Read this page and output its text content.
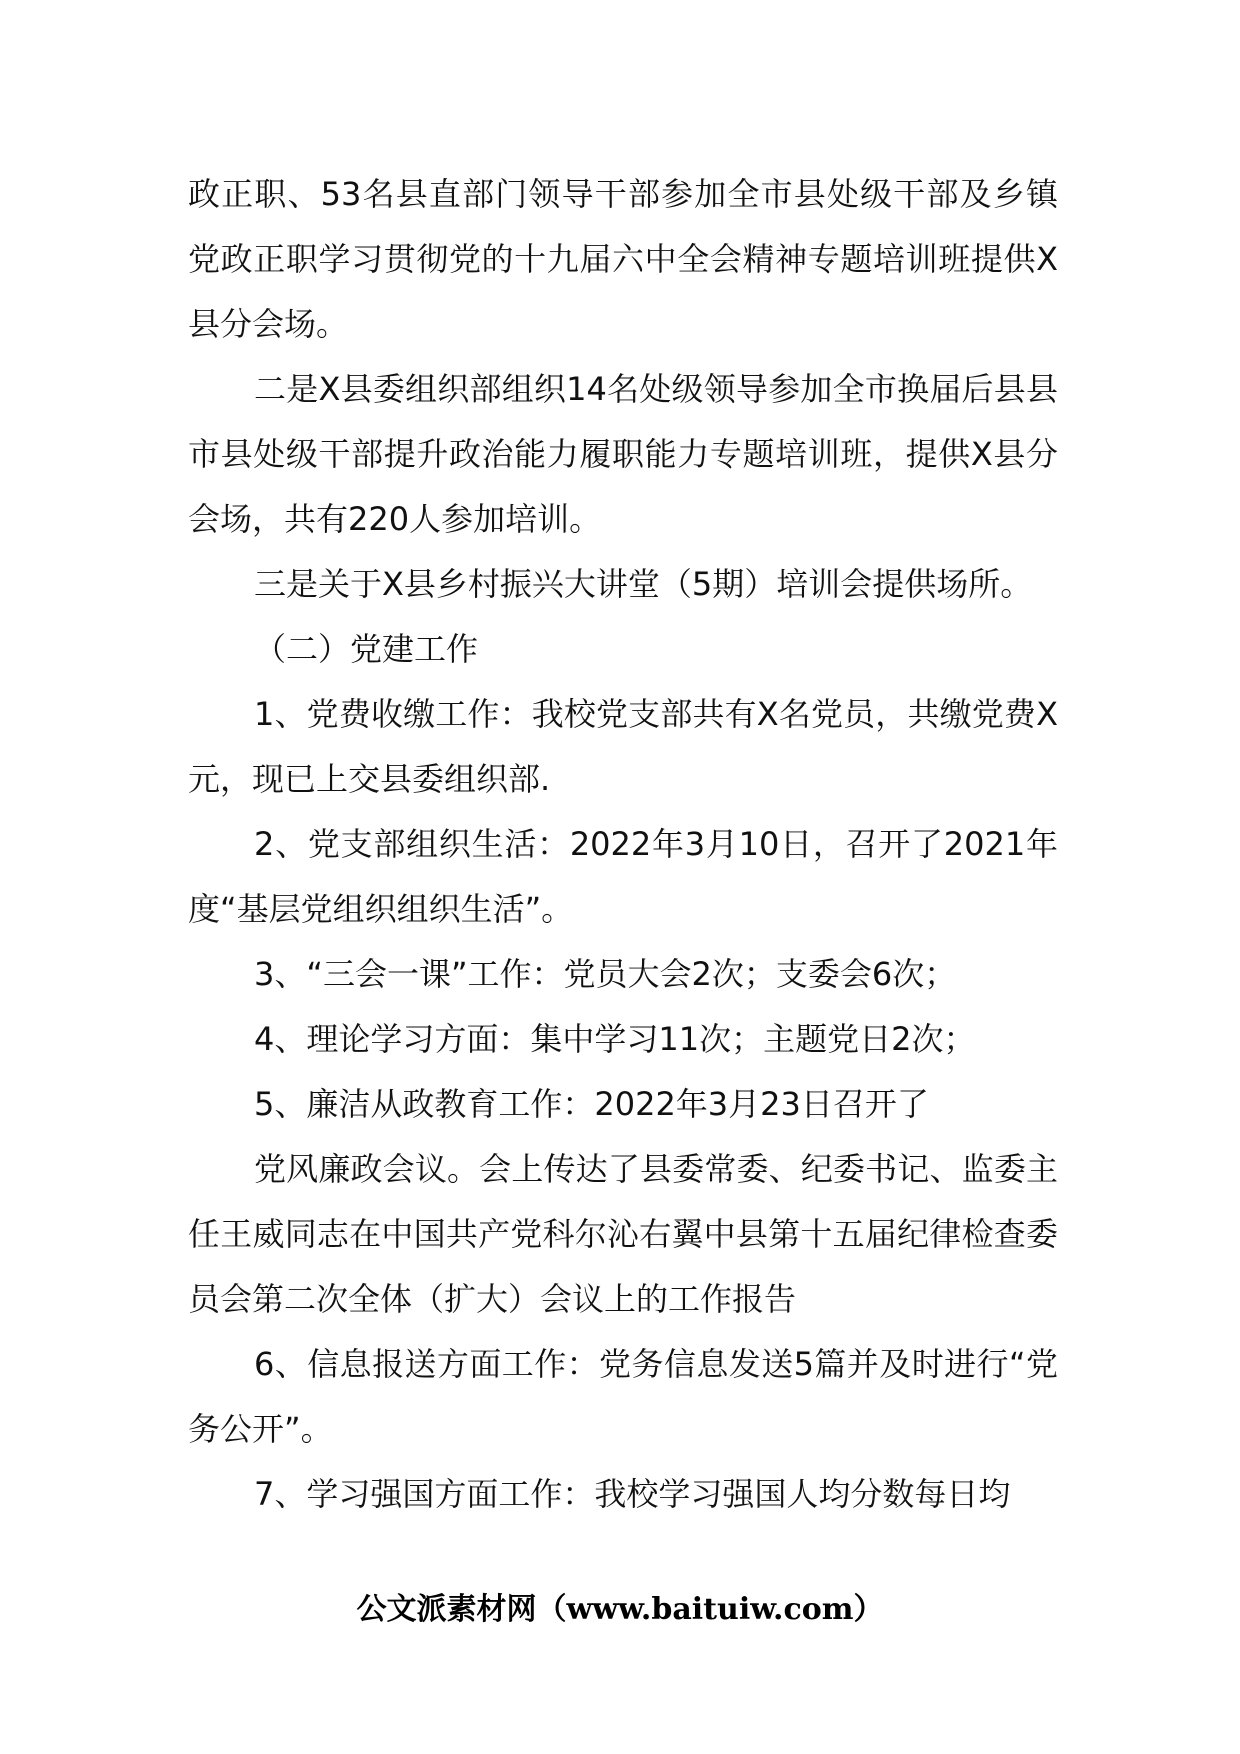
政正职、53名县直部门领导干部参加全市县处级干部及乡镇党政正职学习贯彻党的十九届六中全会精神专题培训班提供X县分会场。

二是X县委组织部组织14名处级领导参加全市换届后县县市县处级干部提升政治能力履职能力专题培训班，提供X县分会场，共有220人参加培训。

三是关于X县乡村振兴大讲堂（5期）培训会提供场所。

（二）党建工作

1、党费收缴工作：我校党支部共有X名党员，共缴党费X元，现已上交县委组织部.

2、党支部组织生活：2022年3月10日，召开了2021年度“基层党组织组织生活”。

3、“三会一课”工作：党员大会2次；支委会6次；

4、理论学习方面：集中学习11次；主题党日2次；

5、廉洁从政教育工作：2022年3月23日召开了

党风廉政会议。会上传达了县委常委、纪委书记、监委主任王威同志在中国共产党科尔沁右翼中县第十五届纪律检查委员会第二次全体（扩大）会议上的工作报告

6、信息报送方面工作：党务信息发送5篇并及时进行“党务公开”。

7、学习强国方面工作：我校学习强国人均分数每日均

公文派素材网（www.baituiw.com）
